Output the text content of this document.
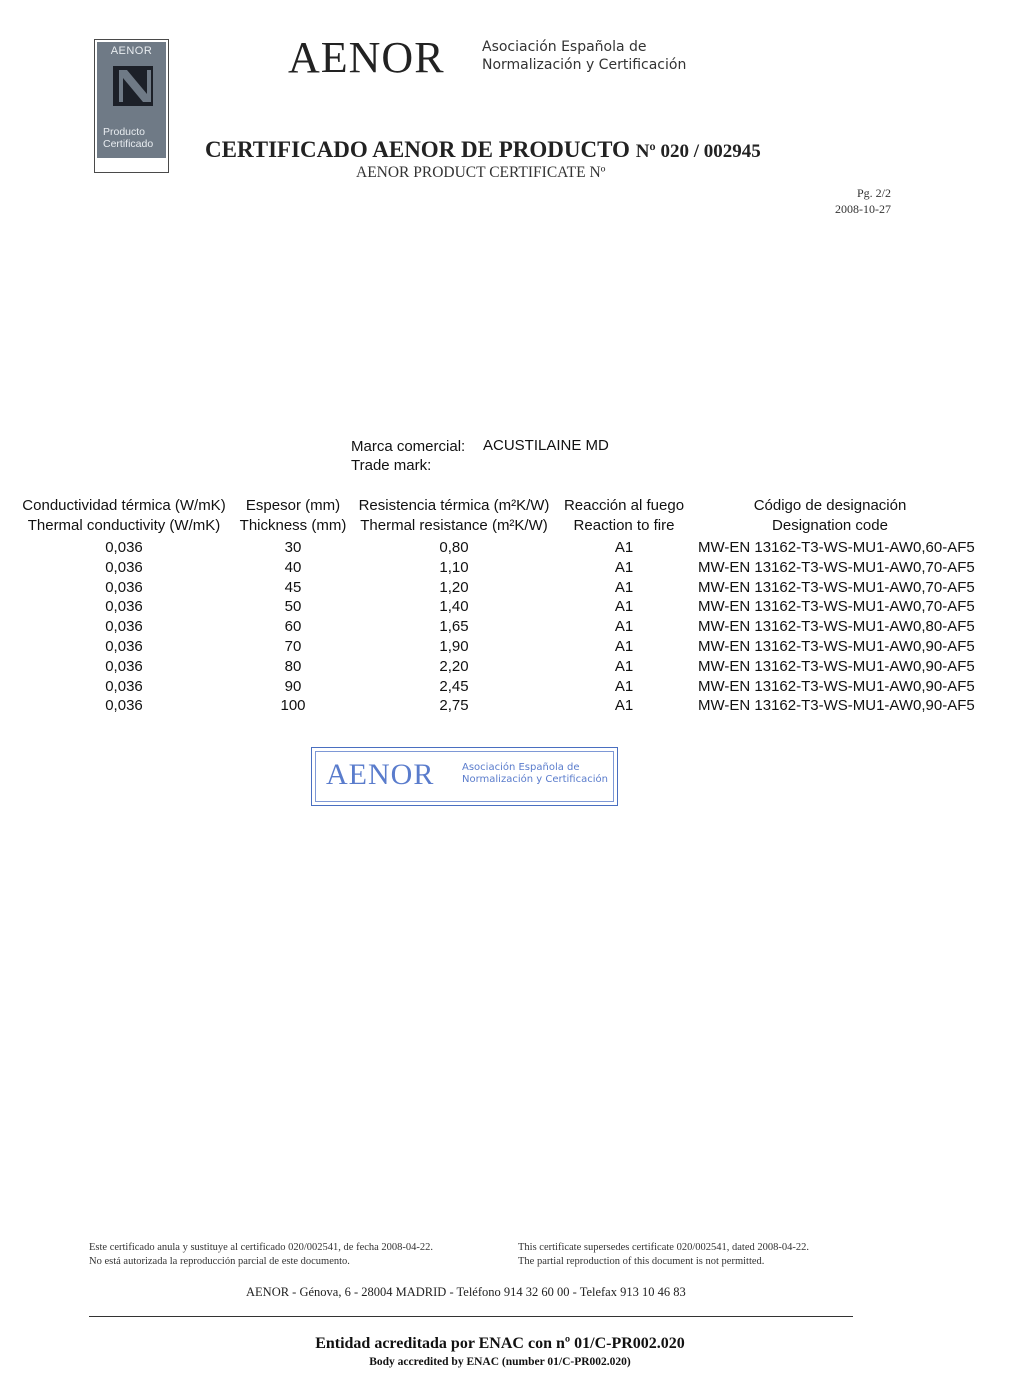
AENOR
Producto
Certificado
AENOR	Asociación Española de
Normalización y Certificación
CERTIFICADO AENOR DE PRODUCTO Nº 020 / 002945
AENOR PRODUCT CERTIFICATE Nº
Pg. 2/2
2008-10-27
Marca comercial:
Trade mark:
ACUSTILAINE MD
Conductividad térmica (W/mK)
Thermal conductivity (W/mK)
Espesor (mm)
Thickness (mm)
Resistencia térmica (m²K/W)
Thermal resistance (m²K/W)
Reacción al fuego
Reaction to fire
Código de designación
Designation code
0,036
0,036
0,036
0,036
0,036
0,036
0,036
0,036
0,036
30
40
45
50
60
70
80
90
100
0,80
1,10
1,20
1,40
1,65
1,90
2,20
2,45
2,75
A1
A1
A1
A1
A1
A1
A1
A1
A1
MW-EN 13162-T3-WS-MU1-AW0,60-AF5
MW-EN 13162-T3-WS-MU1-AW0,70-AF5
MW-EN 13162-T3-WS-MU1-AW0,70-AF5
MW-EN 13162-T3-WS-MU1-AW0,70-AF5
MW-EN 13162-T3-WS-MU1-AW0,80-AF5
MW-EN 13162-T3-WS-MU1-AW0,90-AF5
MW-EN 13162-T3-WS-MU1-AW0,90-AF5
MW-EN 13162-T3-WS-MU1-AW0,90-AF5
MW-EN 13162-T3-WS-MU1-AW0,90-AF5
AENOR	Asociación Española de
Normalización y Certificación
Este certificado anula y sustituye al certificado 020/002541, de fecha 2008-04-22.
No está autorizada la reproducción parcial de este documento.
This certificate supersedes certificate 020/002541, dated 2008-04-22.
The partial reproduction of this document is not permitted.
AENOR - Génova, 6 - 28004 MADRID - Teléfono 914 32 60 00 - Telefax 913 10 46 83
Entidad acreditada por ENAC con nº 01/C-PR002.020
Body accredited by ENAC (number 01/C-PR002.020)
